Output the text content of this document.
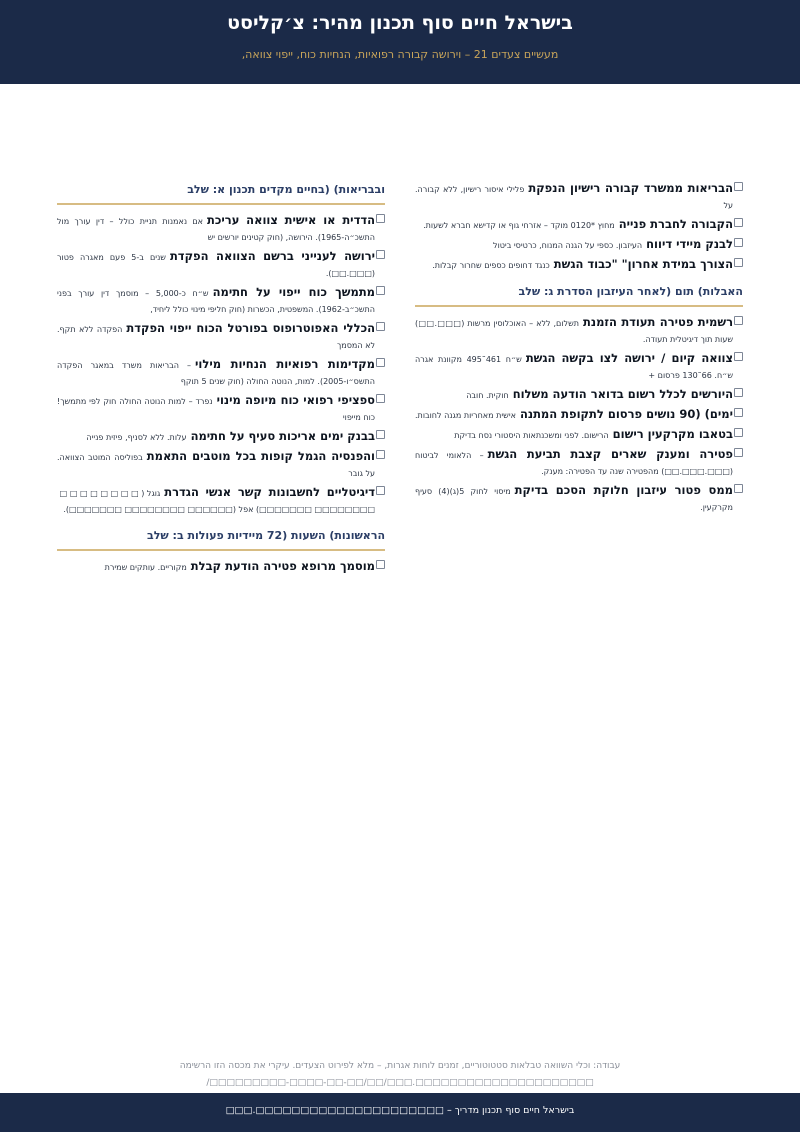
בישראל חיים סוף תכנון מהיר: צ׳קליסט
מעשיים צעדים 21 – וירושה קבורה רפואיות, הנחיות כוח, ייפוי צוואה,
הבריאות ממשרד קבורה רישיון הנפקתפלילי איסור רישיון, ללא קבורה. על
הקבורה לחברת פנייהמחוץ *0120 מוקד – אזרחי גוף או קדישא חברא לשעות.
לבנק מיידי דיווחהעיזבון. כספי על הגנה המנוח, כרטיסי ביטול
הצורך במידת אחרון" "כבוד הגשתכנגד דחופים כספים שחרור קבלות.
האבלות) תום (לאחר העיזבון הסדרת ג: שלב
רשמית פטירה תעודת הזמנתתשלום, ללא – האוכלוסין מרשות (□□□.□□) שעות תוך דיגיטלית תעודה.
צוואה קיום / ירושה לצו בקשה הגשתש״ח 461˜495 מקוונת אגרה ש״ח. 66˜130 פרסום +
היורשים לכלל רשום בדואר הודעה משלוחחוקית. חובה
ימים) (90 נושים פרסום לתקופת המתנהאישית מאחריות מגנה לחובות.
בטאבו מקרקעין רישוםהרישום. לפני ומשכנתאות היסטורי נסח בדיקת
פטירה ומענק שארים קצבת תביעת הגשת– הלאומי לביטוח (□□□.□□□.□□) מהפטירה שנה עד הפטירה: מענק.
ממס פטור עיזבון חלוקת הסכם בדיקתמיסוי לחוק 5(ג)(4) סעיף מקרקעין.
ובבריאות) (בחיים מקדים תכנון א: שלב
הדדית או אישית צוואה עריכתאם נאמנות תניית כולל – דין עורך מול התשכ״ה-1965). הירושה, (חוק קטינים יורשים יש
ירושה לענייני ברשם הצוואה הפקדתשנים ב-5 פעם מאגרה פטור (□□□.□□).
מתמשך כוח ייפוי על חתימהש״ח כ-5,000 – מוסמך דין עורך בפני התשכ״ב-1962). המשפטית, הכשרות (חוק חליפי מינוי כולל ליחיד,
הכללי האפוטרופוס בפורטל הכוח ייפוי הפקדתהפקדה ללא תקף. לא המסמך
מקדימות רפואיות הנחיות מילוי– הבריאות משרד במאגר הפקדה התשס״ו-2005). למות, הנוטה החולה (חוק שנים 5 תוקף
ספציפי רפואי כוח מיופה מינוינפרד – למות הנוטה החולה חוק לפי מתמשך! כוח מייפוי
בבנק ימים אריכות סעיף על חתימהעלות. ללא לסניף, פיזית פנייה
והפנסיה הגמל קופות בכל מוטבים התאמתבפוליסה המוטב הצוואה. על גובר
דיגיטליים לחשבונות קשר אנשי הגדרתגוגל (□□□□□□□□ □□□□□□□□ □□□□□□□) אפל (□□□□□□ □□□□□□□□ □□□□□□□).
הראשונות) השעות (72 מיידיות פעולות ב: שלב
מוסמך מרופא פטירה הודעת קבלתמקוריים. עותקים שמירת
עבודה: וכלי השוואה טבלאות סטטוטוריים, זמנים לוחות אגרות, – מלא לפירוט הצעדים. עיקרי את מכסה הזו הרשימה
□□□□□□□□□□□□□□□□□□□□□.□□□/□□/□□-□□-□□□□-□□□□□□□□□/
בישראל חיים סוף תכנון מדריך – □□□□□□□□□□□□□□□□□□□□□.□□□
